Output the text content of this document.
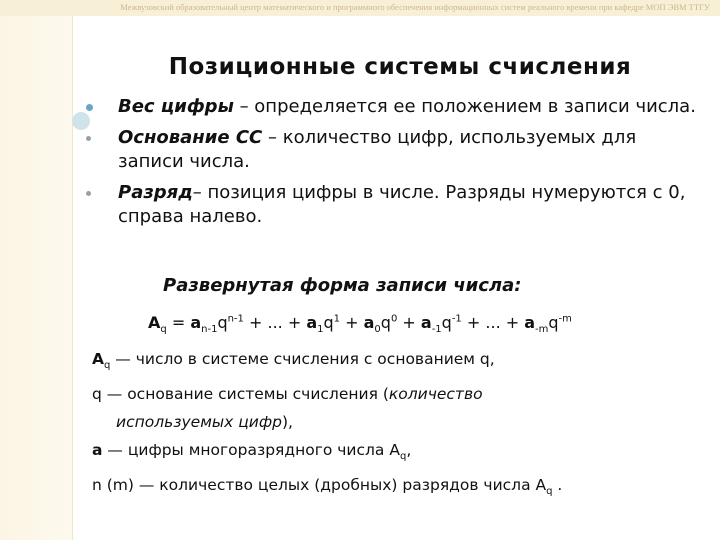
Межвузовский образовательный центр математического и программного обеспечения информационных систем реального времени при кафедре МОП ЭВМ ТТГУ
Позиционные системы счисления
Вес цифры – определяется ее положением в записи числа.
Основание СС – количество цифр, используемых для записи числа.
Разряд– позиция цифры в числе. Разряды нумеруются с 0, справа налево.
Развернутая форма записи числа:
$A_q = a_{n-1}q^{n-1}$ + ... + $a_1q^1 + a_0q^0 + a_{-1}q^{-1}$ + ... + $a_{-m}q^{-m}$
$A_q$ — число в системе счисления с основанием q,
q — основание системы счисления (количество
используемых цифр),
a — цифры многоразрядного числа $A_q$,
n (m) — количество целых (дробных) разрядов числа $A_q$ .
